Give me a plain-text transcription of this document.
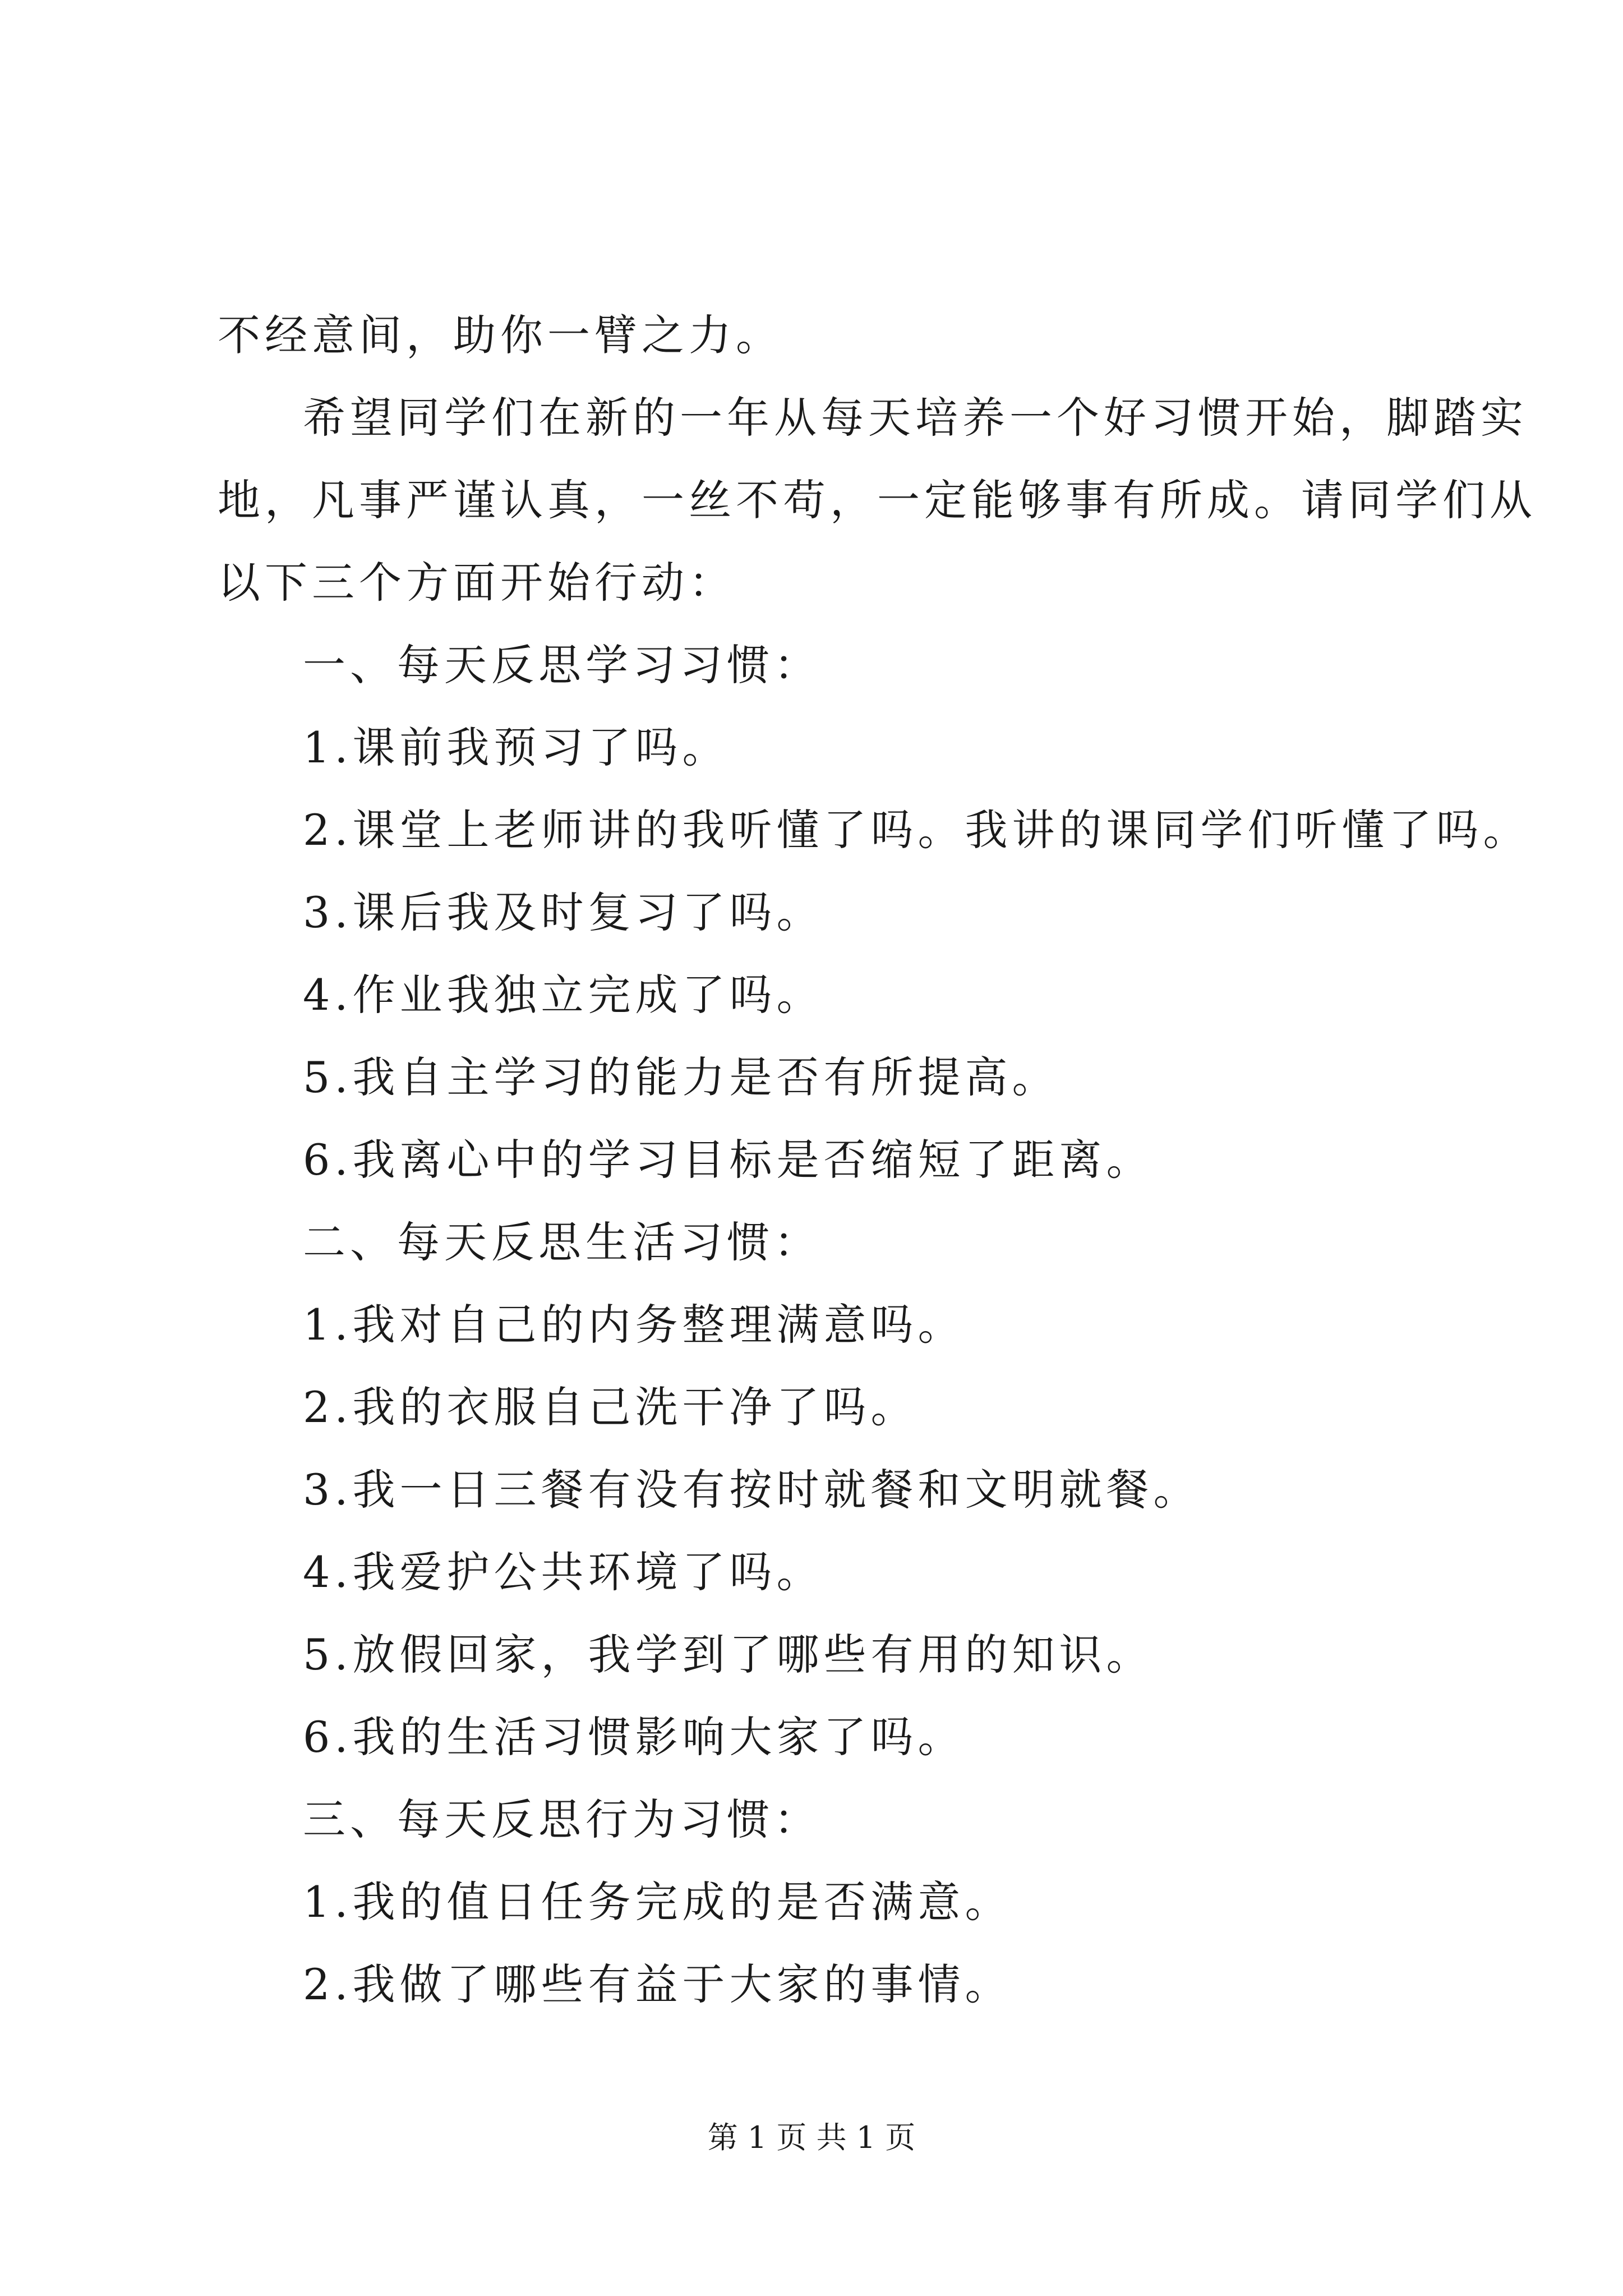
不经意间，助你一臂之力。
希望同学们在新的一年从每天培养一个好习惯开始，脚踏实
地，凡事严谨认真，一丝不苟，一定能够事有所成。请同学们从
以下三个方面开始行动：
一、每天反思学习习惯：
1.课前我预习了吗。
2.课堂上老师讲的我听懂了吗。我讲的课同学们听懂了吗。
3.课后我及时复习了吗。
4.作业我独立完成了吗。
5.我自主学习的能力是否有所提高。
6.我离心中的学习目标是否缩短了距离。
二、每天反思生活习惯：
1.我对自己的内务整理满意吗。
2.我的衣服自己洗干净了吗。
3.我一日三餐有没有按时就餐和文明就餐。
4.我爱护公共环境了吗。
5.放假回家，我学到了哪些有用的知识。
6.我的生活习惯影响大家了吗。
三、每天反思行为习惯：
1.我的值日任务完成的是否满意。
2.我做了哪些有益于大家的事情。
第 1 页 共 1 页
